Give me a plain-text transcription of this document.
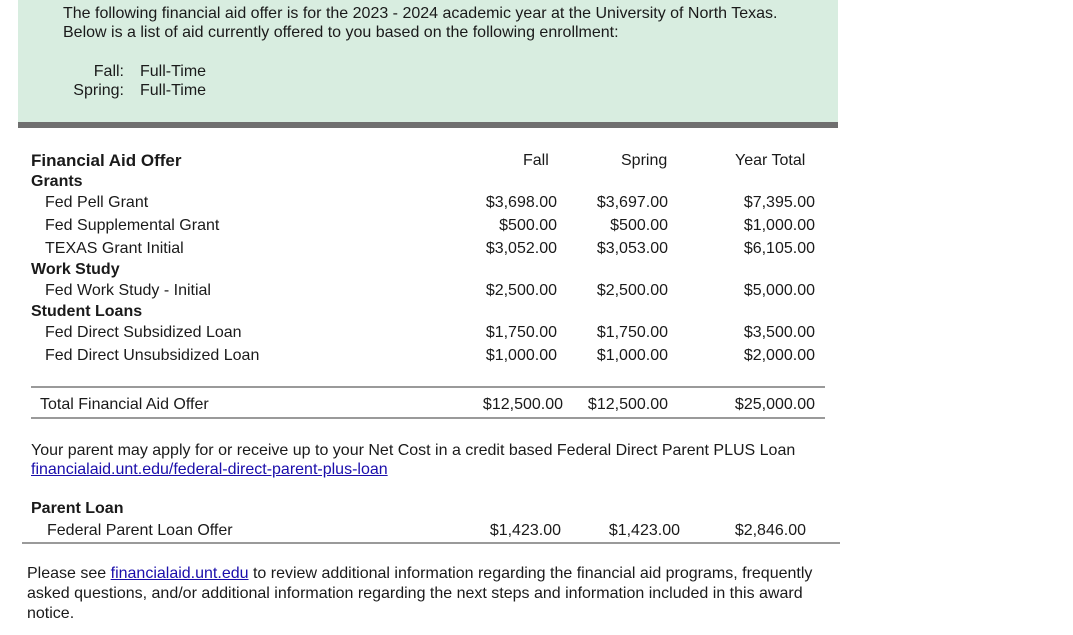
The following financial aid offer is for the 2023 - 2024 academic year at the University of North Texas.
Below is a list of aid currently offered to you based on the following enrollment:
Fall:	Full-Time
Spring:	Full-Time
Financial Aid Offer	Fall	Spring	Year Total
Grants
Fed Pell Grant	$3,698.00 $3,697.00	$7,395.00
Fed Supplemental Grant	$500.00	$500.00	$1,000.00
TEXAS Grant Initial	$3,052.00 $3,053.00	$6,105.00
Work Study
Fed Work Study - Initial	$2,500.00 $2,500.00	$5,000.00
Student Loans
Fed Direct Subsidized Loan	$1,750.00 $1,750.00	$3,500.00
Fed Direct Unsubsidized Loan	$1,000.00 $1,000.00	$2,000.00
Total Financial Aid Offer	$12,500.00 $12,500.00	$25,000.00
Your parent may apply for or receive up to your Net Cost in a credit based Federal Direct Parent PLUS Loan
financialaid.unt.edu/federal-direct-parent-plus-loan
Parent Loan
Federal Parent Loan Offer	$1,423.00	$1,423.00	$2,846.00
Please see financialaid.unt.edu to review additional information regarding the financial aid programs, frequently asked questions, and/or additional information regarding the next steps and information included in this award notice.
